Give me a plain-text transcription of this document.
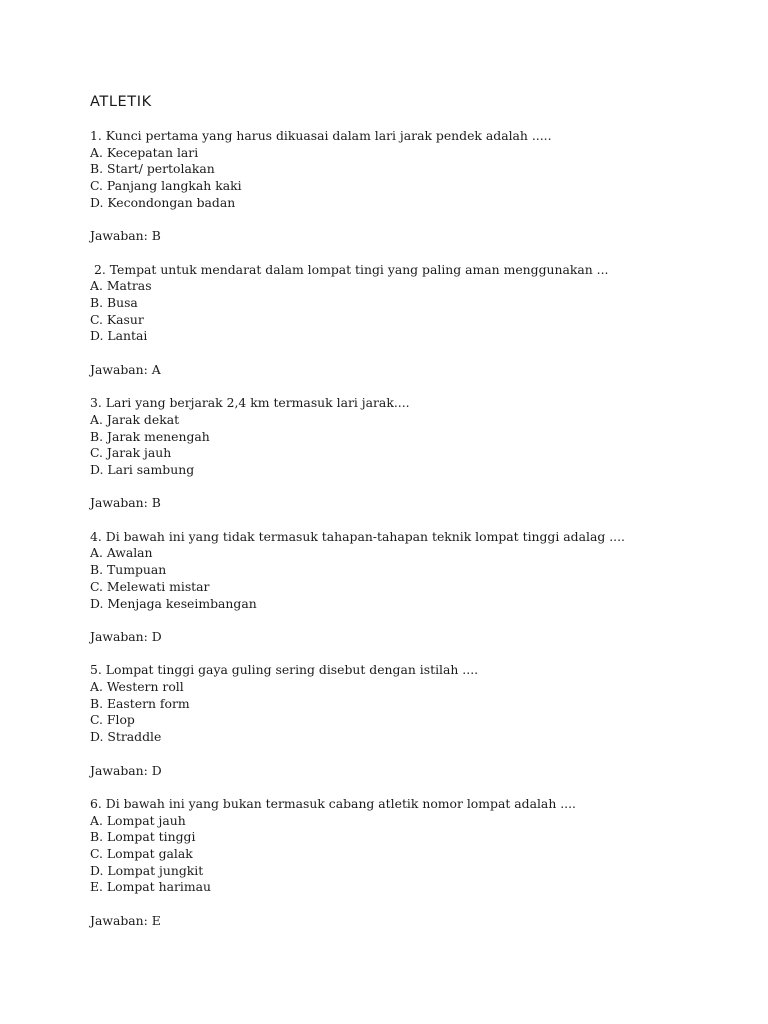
ATLETIK
1. Kunci pertama yang harus dikuasai dalam lari jarak pendek adalah .....
A. Kecepatan lari
B. Start/ pertolakan
C. Panjang langkah kaki
D. Kecondongan badan
Jawaban: B
2. Tempat untuk mendarat dalam lompat tingi yang paling aman menggunakan ...
A. Matras
B. Busa
C. Kasur
D. Lantai
Jawaban: A
3. Lari yang berjarak 2,4 km termasuk lari jarak....
A. Jarak dekat
B. Jarak menengah
C. Jarak jauh
D. Lari sambung
Jawaban: B
4. Di bawah ini yang tidak termasuk tahapan-tahapan teknik lompat tinggi adalag ....
A. Awalan
B. Tumpuan
C. Melewati mistar
D. Menjaga keseimbangan
Jawaban: D
5. Lompat tinggi gaya guling sering disebut dengan istilah ....
A. Western roll
B. Eastern form
C. Flop
D. Straddle
Jawaban: D
6. Di bawah ini yang bukan termasuk cabang atletik nomor lompat adalah ....
A. Lompat jauh
B. Lompat tinggi
C. Lompat galak
D. Lompat jungkit
E. Lompat harimau
Jawaban: E
